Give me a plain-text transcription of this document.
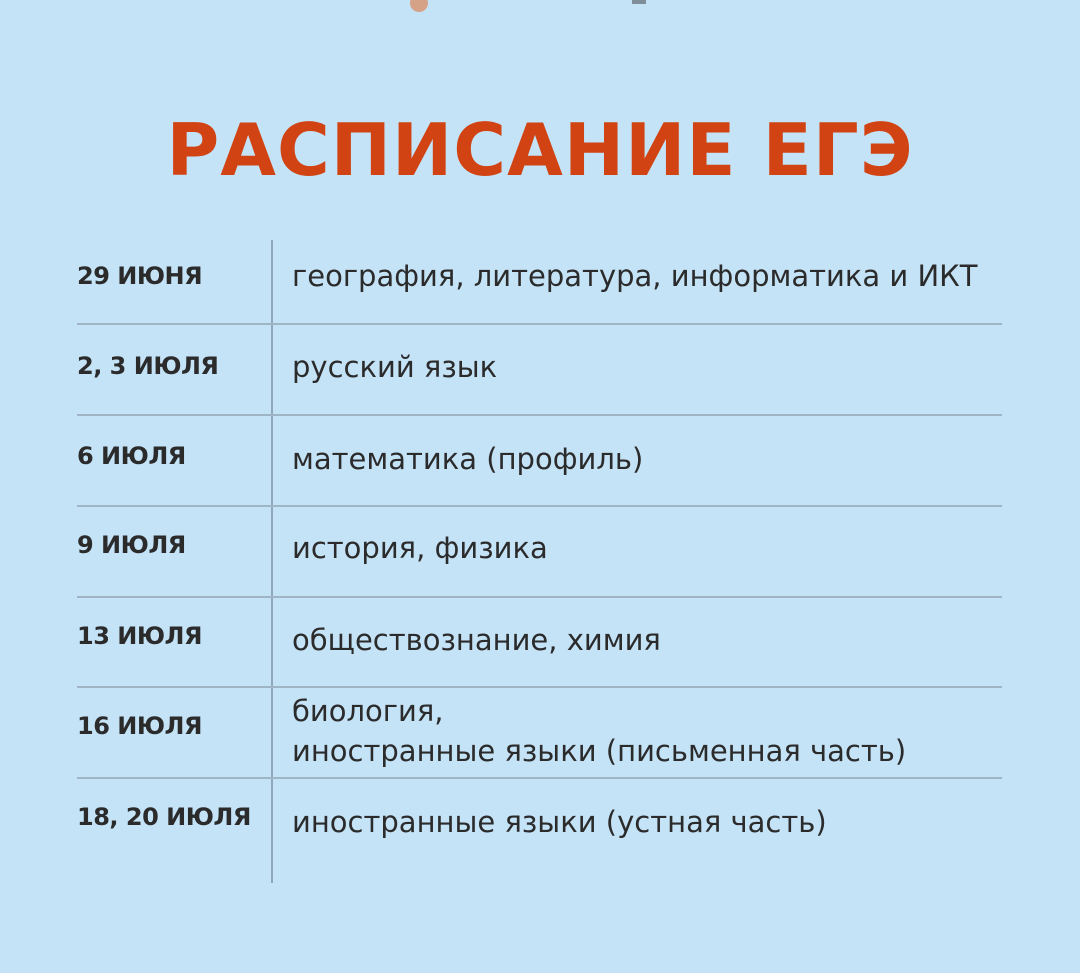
РАСПИСАНИЕ ЕГЭ
29 ИЮНЯ	география, литература, информатика и ИКТ
2, 3 ИЮЛЯ	русский язык
6 ИЮЛЯ	математика (профиль)
9 ИЮЛЯ	история, физика
13 ИЮЛЯ	обществознание, химия
16 ИЮЛЯ	биология,
иностранные языки (письменная часть)
18, 20 ИЮЛЯ	иностранные языки (устная часть)
